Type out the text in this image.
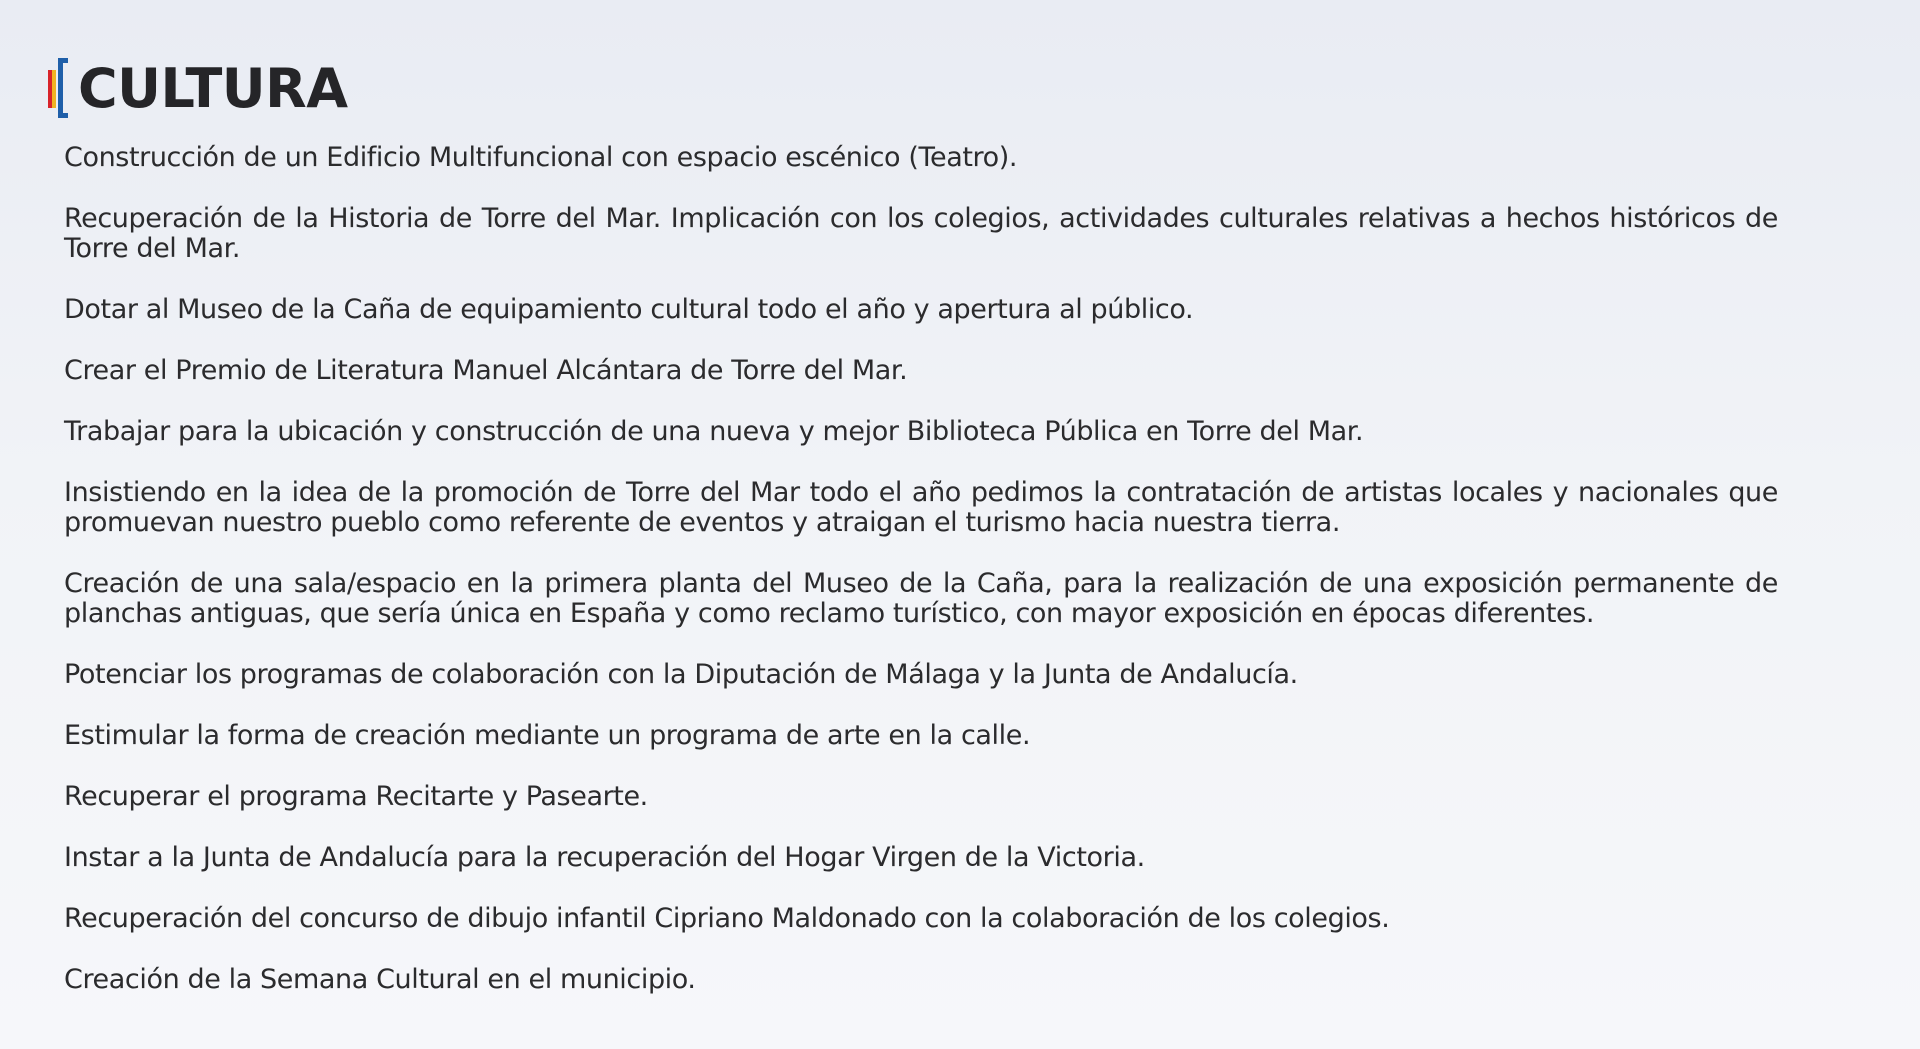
CULTURA

Construcción de un Edificio Multifuncional con espacio escénico (Teatro).

Recuperación de la Historia de Torre del Mar. Implicación con los colegios, actividades culturales relativas a hechos históricos de Torre del Mar.

Dotar al Museo de la Caña de equipamiento cultural todo el año y apertura al público.

Crear el Premio de Literatura Manuel Alcántara de Torre del Mar.

Trabajar para la ubicación y construcción de una nueva y mejor Biblioteca Pública en Torre del Mar.

Insistiendo en la idea de la promoción de Torre del Mar todo el año pedimos la contratación de artistas locales y nacionales que promuevan nuestro pueblo como referente de eventos y atraigan el turismo hacia nuestra tierra.

Creación de una sala/espacio en la primera planta del Museo de la Caña, para la realización de una exposición permanente de planchas antiguas, que sería única en España y como reclamo turístico, con mayor exposición en épocas diferentes.

Potenciar los programas de colaboración con la Diputación de Málaga y la Junta de Andalucía.

Estimular la forma de creación mediante un programa de arte en la calle.

Recuperar el programa Recitarte y Pasearte.

Instar a la Junta de Andalucía para la recuperación del Hogar Virgen de la Victoria.

Recuperación del concurso de dibujo infantil Cipriano Maldonado con la colaboración de los colegios.

Creación de la Semana Cultural en el municipio.
